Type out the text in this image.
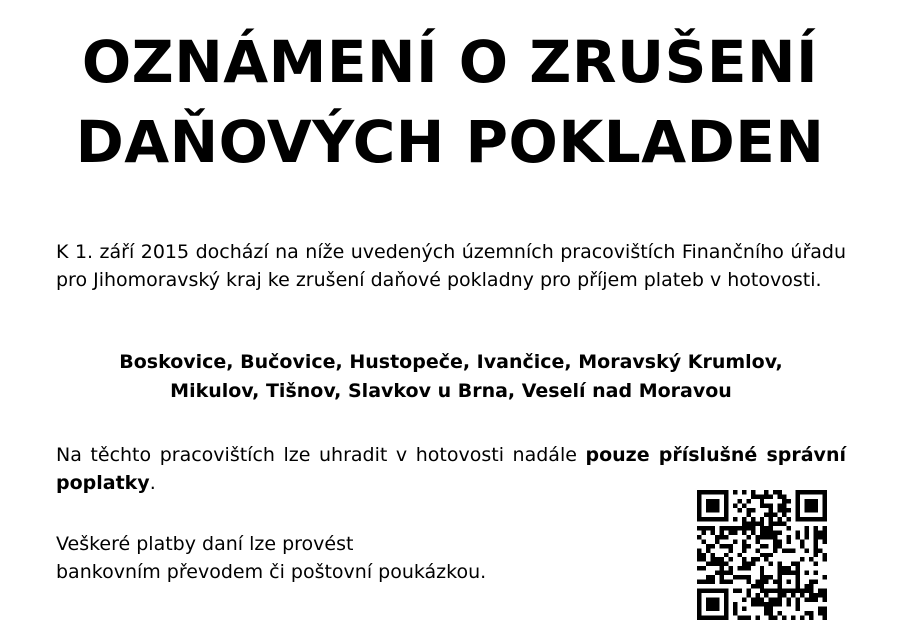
OZNÁMENÍ O ZRUŠENÍ
DAŇOVÝCH POKLADEN

K 1. září 2015 dochází na níže uvedených územních pracovištích Finančního úřadu pro Jihomoravský kraj ke zrušení daňové pokladny pro příjem plateb v hotovosti.

Boskovice, Bučovice, Hustopeče, Ivančice, Moravský Krumlov,
Mikulov, Tišnov, Slavkov u Brna, Veselí nad Moravou

Na těchto pracovištích lze uhradit v hotovosti nadále pouze příslušné správní poplatky.

Veškeré platby daní lze provést
bankovním převodem či poštovní poukázkou.
